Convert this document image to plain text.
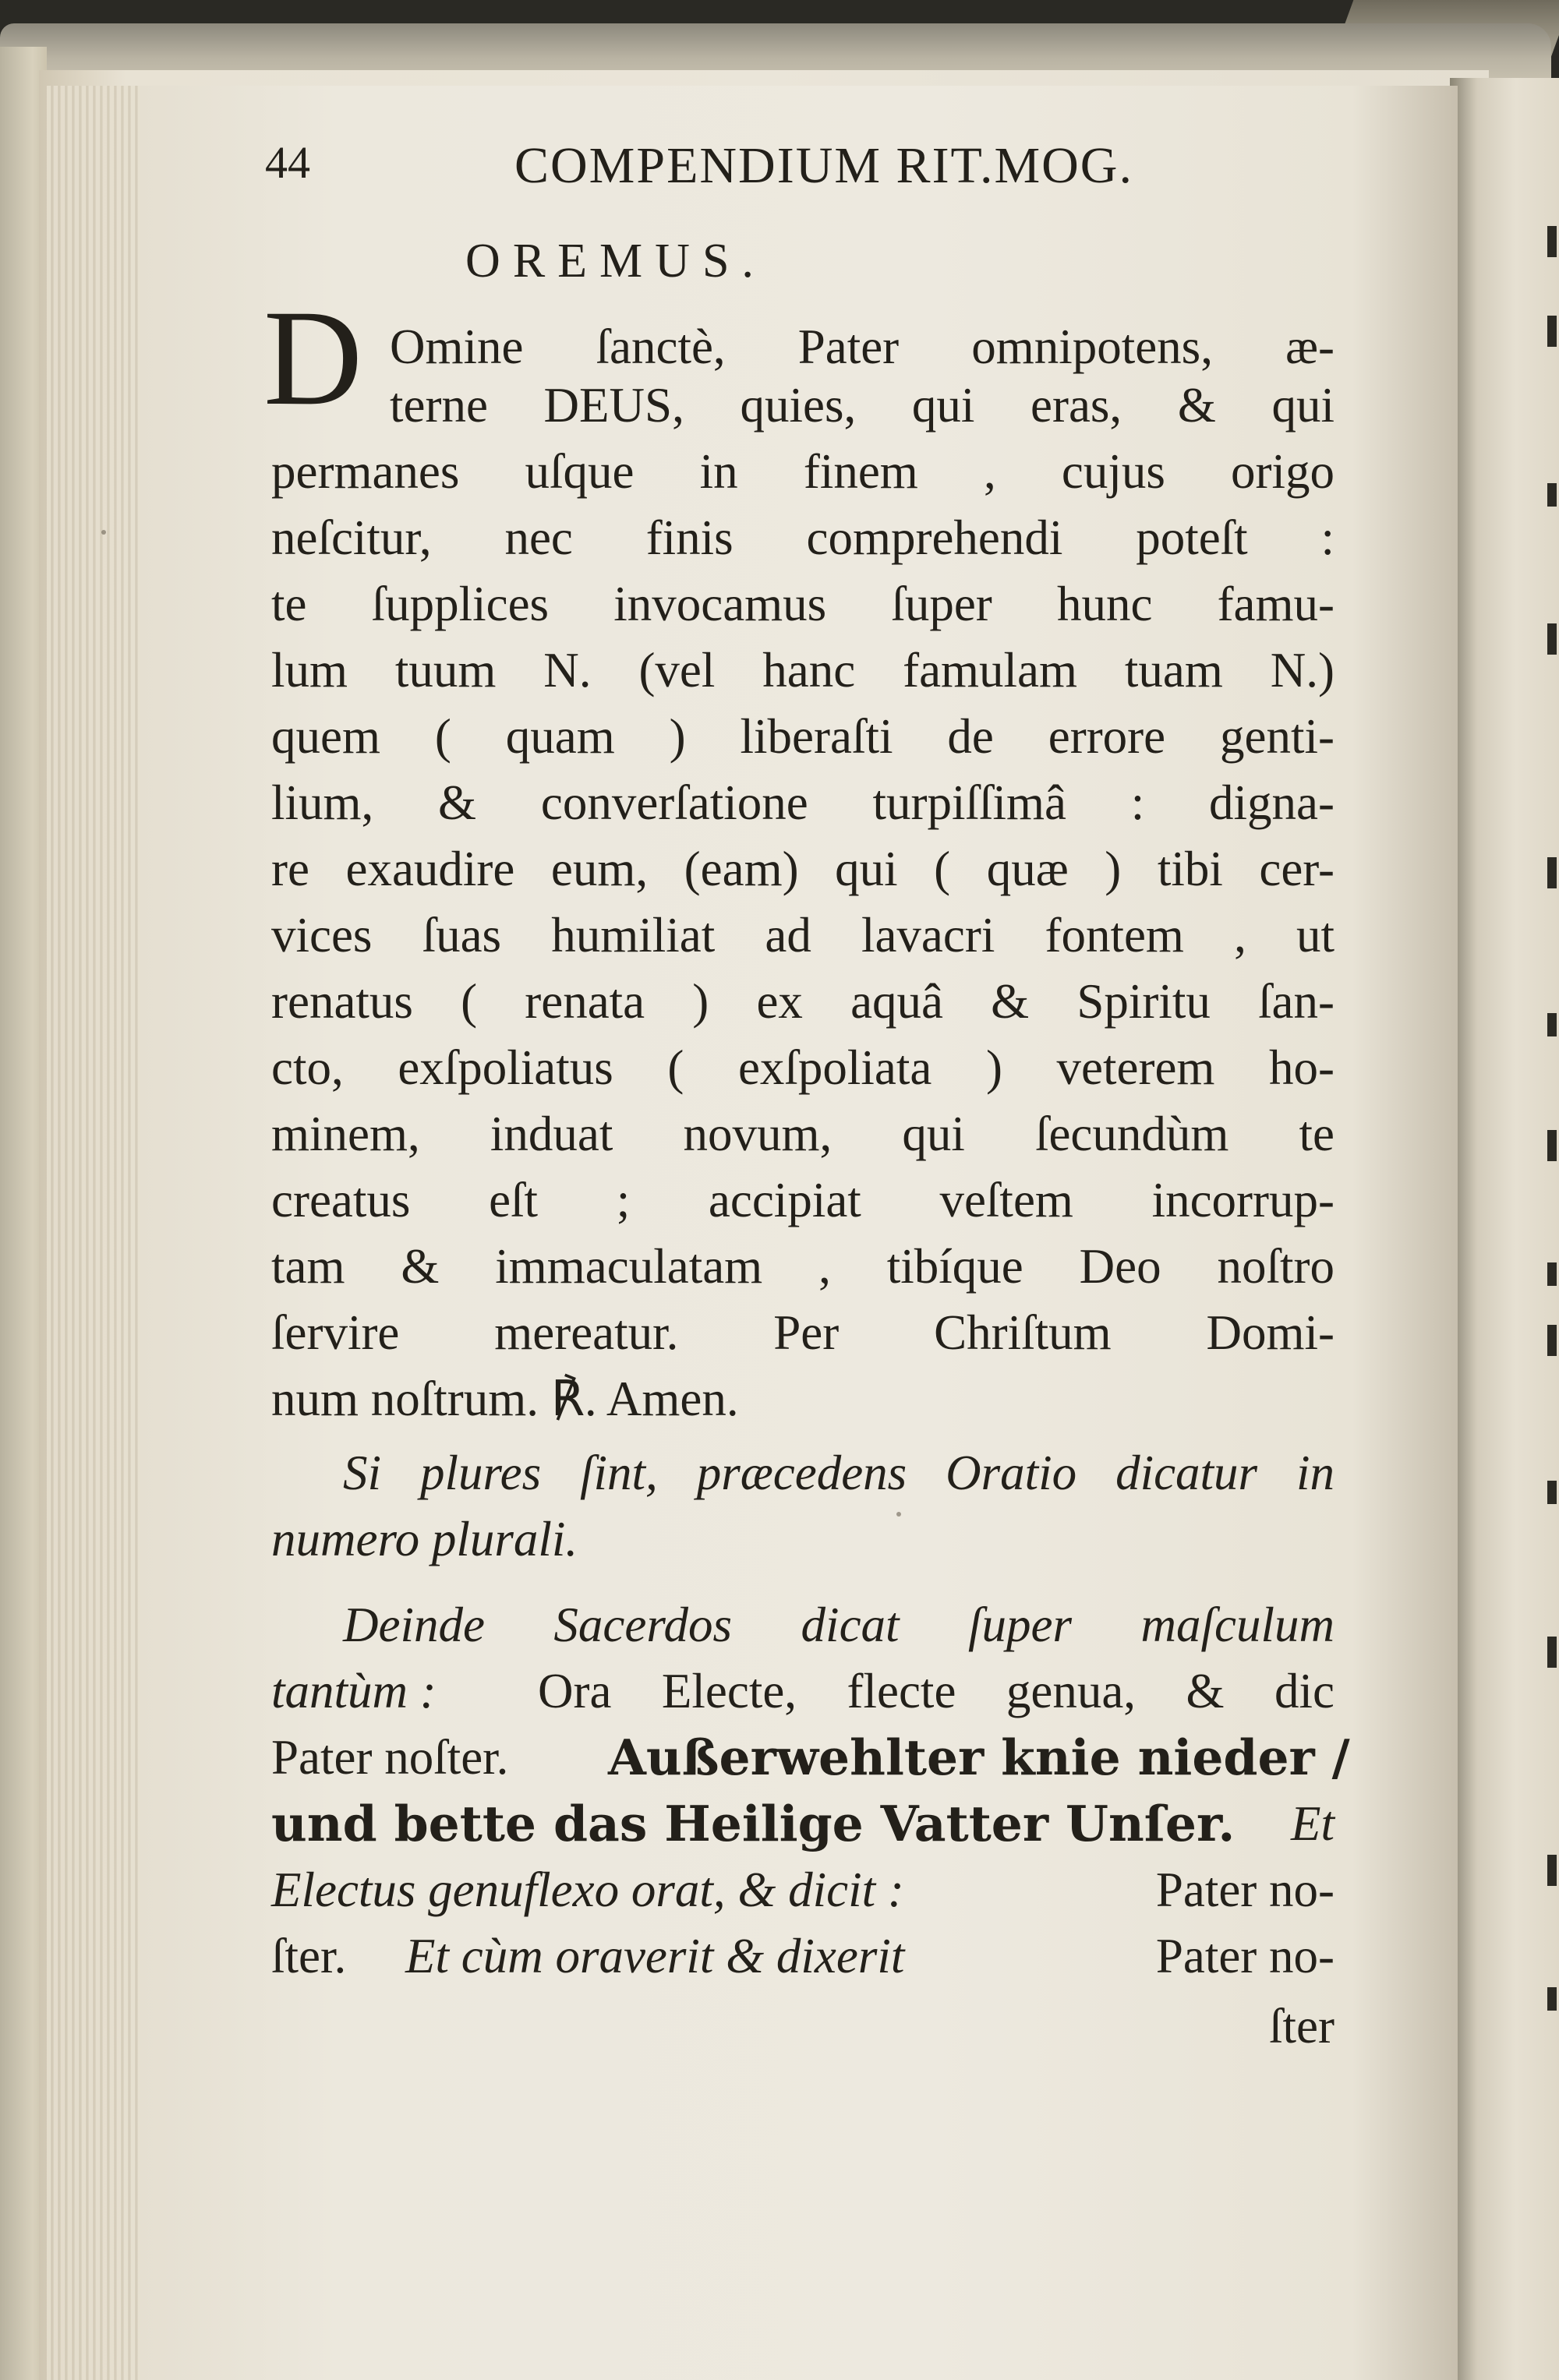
44	COMPENDIUM RIT.MOG.
OREMUS.
D Omine ſanctè, Pater omnipotens, æ-
terne DEUS, quies, qui eras, & qui
permanes uſque in finem , cujus origo
neſcitur, nec finis comprehendi poteſt :
te ſupplices invocamus ſuper hunc famu-
lum tuum N. (vel hanc famulam tuam N.)
quem ( quam ) liberaſti de errore genti-
lium, & converſatione turpiſſimâ : digna-
re exaudire eum, (eam) qui ( quæ ) tibi cer-
vices ſuas humiliat ad lavacri fontem , ut
renatus ( renata ) ex aquâ & Spiritu ſan-
cto, exſpoliatus ( exſpoliata ) veterem ho-
minem, induat novum, qui ſecundùm te
creatus eſt ; accipiat veſtem incorrup-
tam & immaculatam , tibíque Deo noſtro
ſervire mereatur. Per Chriſtum Domi-
num noſtrum. ℟. Amen.
Si plures ſint, præcedens Oratio dicatur in
numero plurali.
Deinde Sacerdos dicat ſuper maſculum
tantùm : Ora Electe, flecte genua, & dic
Pater noſter. Außerwehlter knie nieder /
und bette das Heilige Vatter Unſer.	Et
Electus genuflexo orat, & dicit :	Pater no-
ſter. Et cùm oraverit & dixerit	Pater no-
ſter
